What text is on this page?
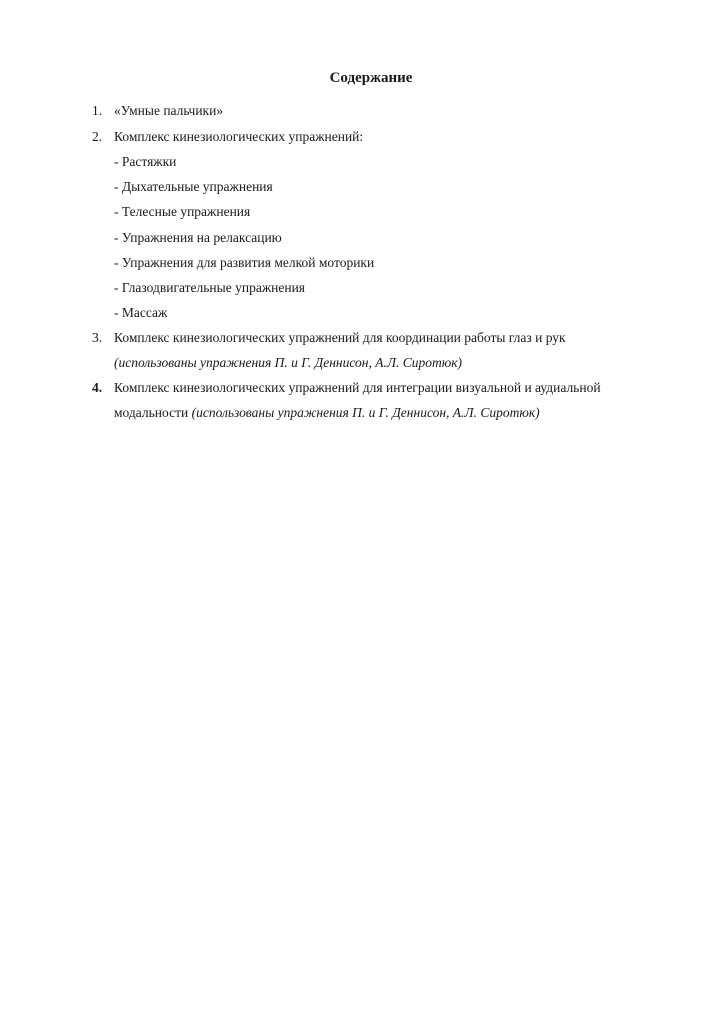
Содержание
1. «Умные пальчики»
2. Комплекс кинезиологических упражнений:
- Растяжки
- Дыхательные упражнения
- Телесные упражнения
- Упражнения на релаксацию
- Упражнения для развития мелкой моторики
- Глазодвигательные упражнения
- Массаж
3. Комплекс кинезиологических упражнений для координации работы глаз и рук
(использованы упражнения П. и Г. Деннисон, А.Л. Сиротюк)
4. Комплекс кинезиологических упражнений для интеграции визуальной и аудиальной
модальности (использованы упражнения П. и Г. Деннисон, А.Л. Сиротюк)
